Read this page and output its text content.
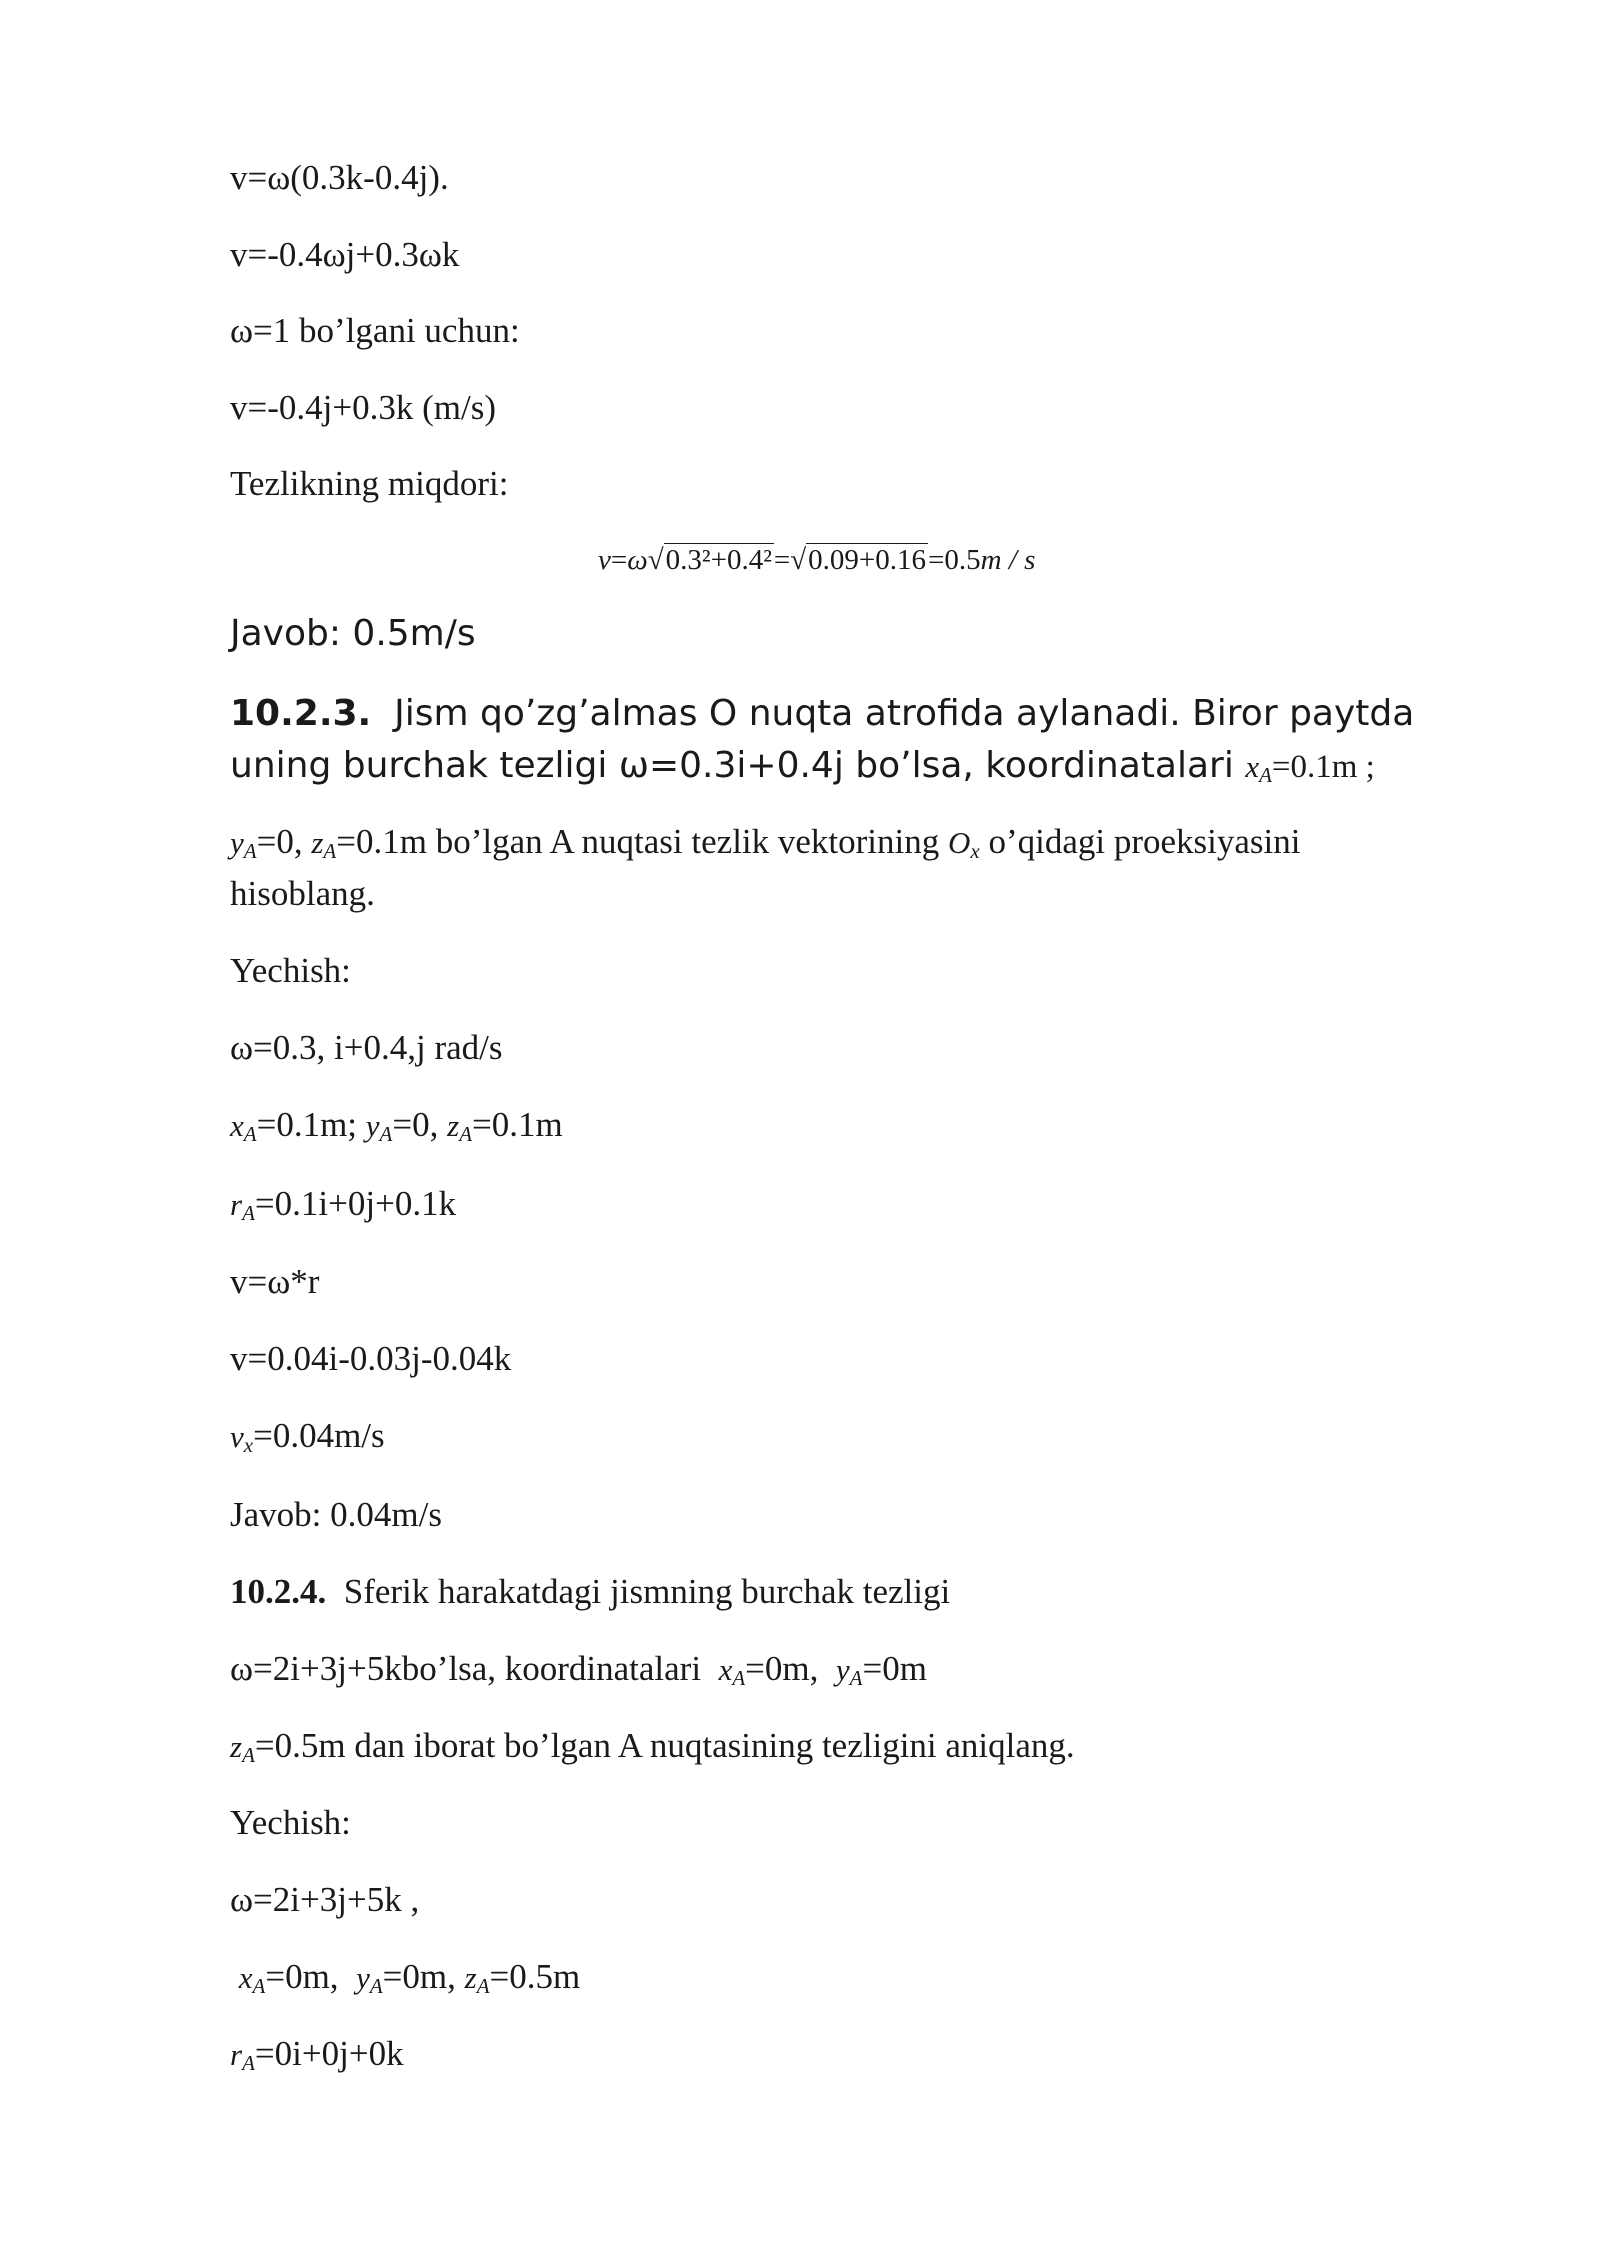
v=ω(0.3k-0.4j).

v=-0.4ωj+0.3ωk

ω=1 bo’lgani uchun:

v=-0.4j+0.3k (m/s)

Tezlikning miqdori:

v=ω√0.3²+0.4²=√0.09+0.16=0.5m / s

Javob: 0.5m/s

10.2.3. Jism qo’zg’almas O nuqta atrofida aylanadi. Biror paytda

uning burchak tezligi ω=0.3i+0.4j bo’lsa, koordinatalari $x_A=0.1m$ ;

$y_A=0$, $z_A=0.1m$ bo’lgan A nuqtasi tezlik vektorining $O_x$ o’qidagi proeksiyasini

hisoblang.

Yechish:

ω=0.3, i+0.4,j rad/s

$x_A=0.1m$; $y_A=0$, $z_A=0.1m$

$r_A=0.1i+0j+0.1k$

v=ω*r

v=0.04i-0.03j-0.04k

$v_x=0.04m/s$

Javob: 0.04m/s

10.2.4. Sferik harakatdagi jismning burchak tezligi

ω=2i+3j+5kbo’lsa, koordinatalari $x_A=0m$, $y_A=0m$

$z_A=0.5m$ dan iborat bo’lgan A nuqtasining tezligini aniqlang.

Yechish:

ω=2i+3j+5k ,

$x_A=0m$, $y_A=0m$, $z_A=0.5m$

$r_A=0i+0j+0k$
